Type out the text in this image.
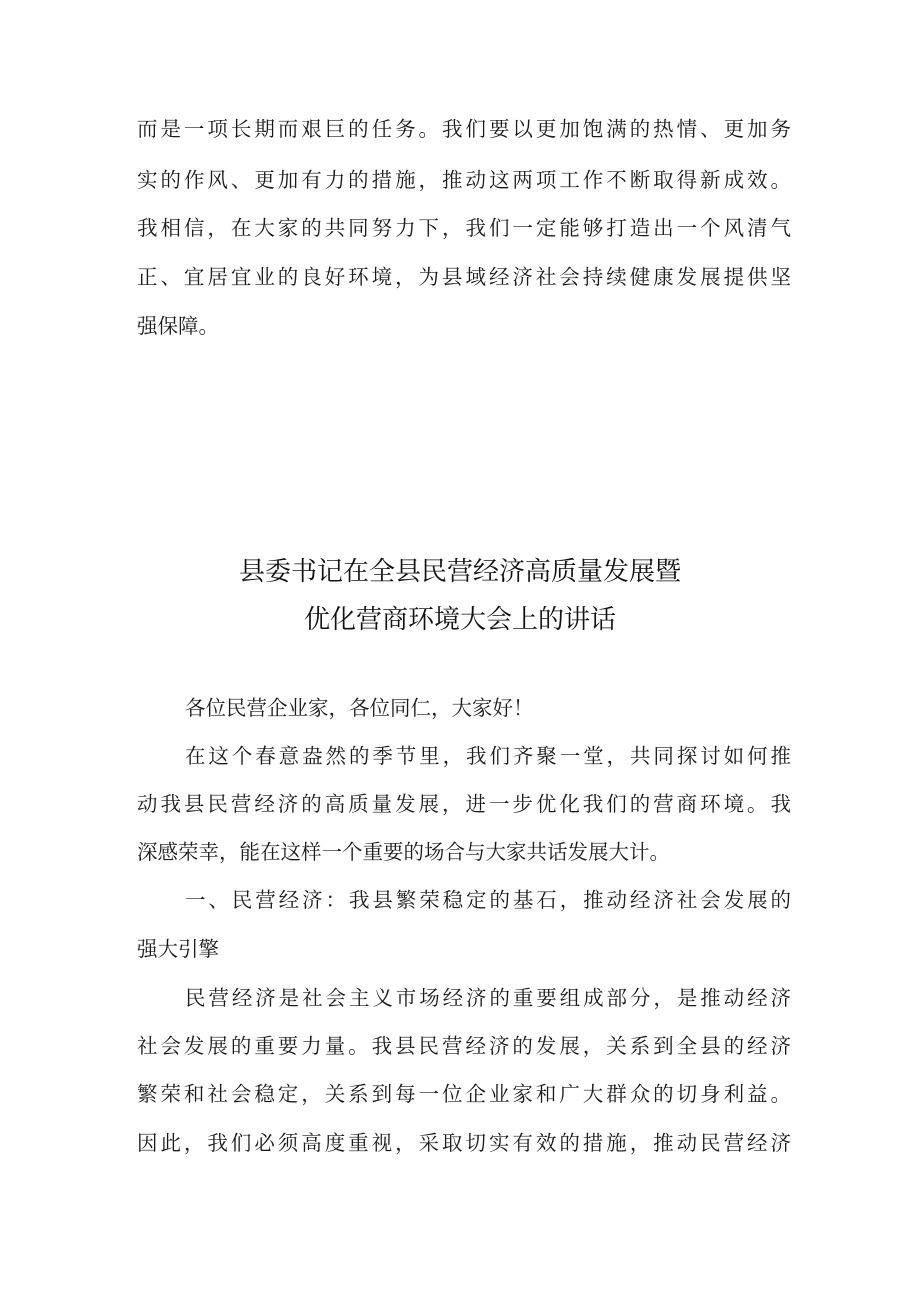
而是一项长期而艰巨的任务。我们要以更加饱满的热情、更加务
实的作风、更加有力的措施，推动这两项工作不断取得新成效。
我相信，在大家的共同努力下，我们一定能够打造出一个风清气
正、宜居宜业的良好环境，为县域经济社会持续健康发展提供坚
强保障。
县委书记在全县民营经济高质量发展暨
优化营商环境大会上的讲话
各位民营企业家，各位同仁，大家好！
在这个春意盎然的季节里，我们齐聚一堂，共同探讨如何推
动我县民营经济的高质量发展，进一步优化我们的营商环境。我
深感荣幸，能在这样一个重要的场合与大家共话发展大计。
一、民营经济：我县繁荣稳定的基石，推动经济社会发展的
强大引擎
民营经济是社会主义市场经济的重要组成部分，是推动经济
社会发展的重要力量。我县民营经济的发展，关系到全县的经济
繁荣和社会稳定，关系到每一位企业家和广大群众的切身利益。
因此，我们必须高度重视，采取切实有效的措施，推动民营经济
